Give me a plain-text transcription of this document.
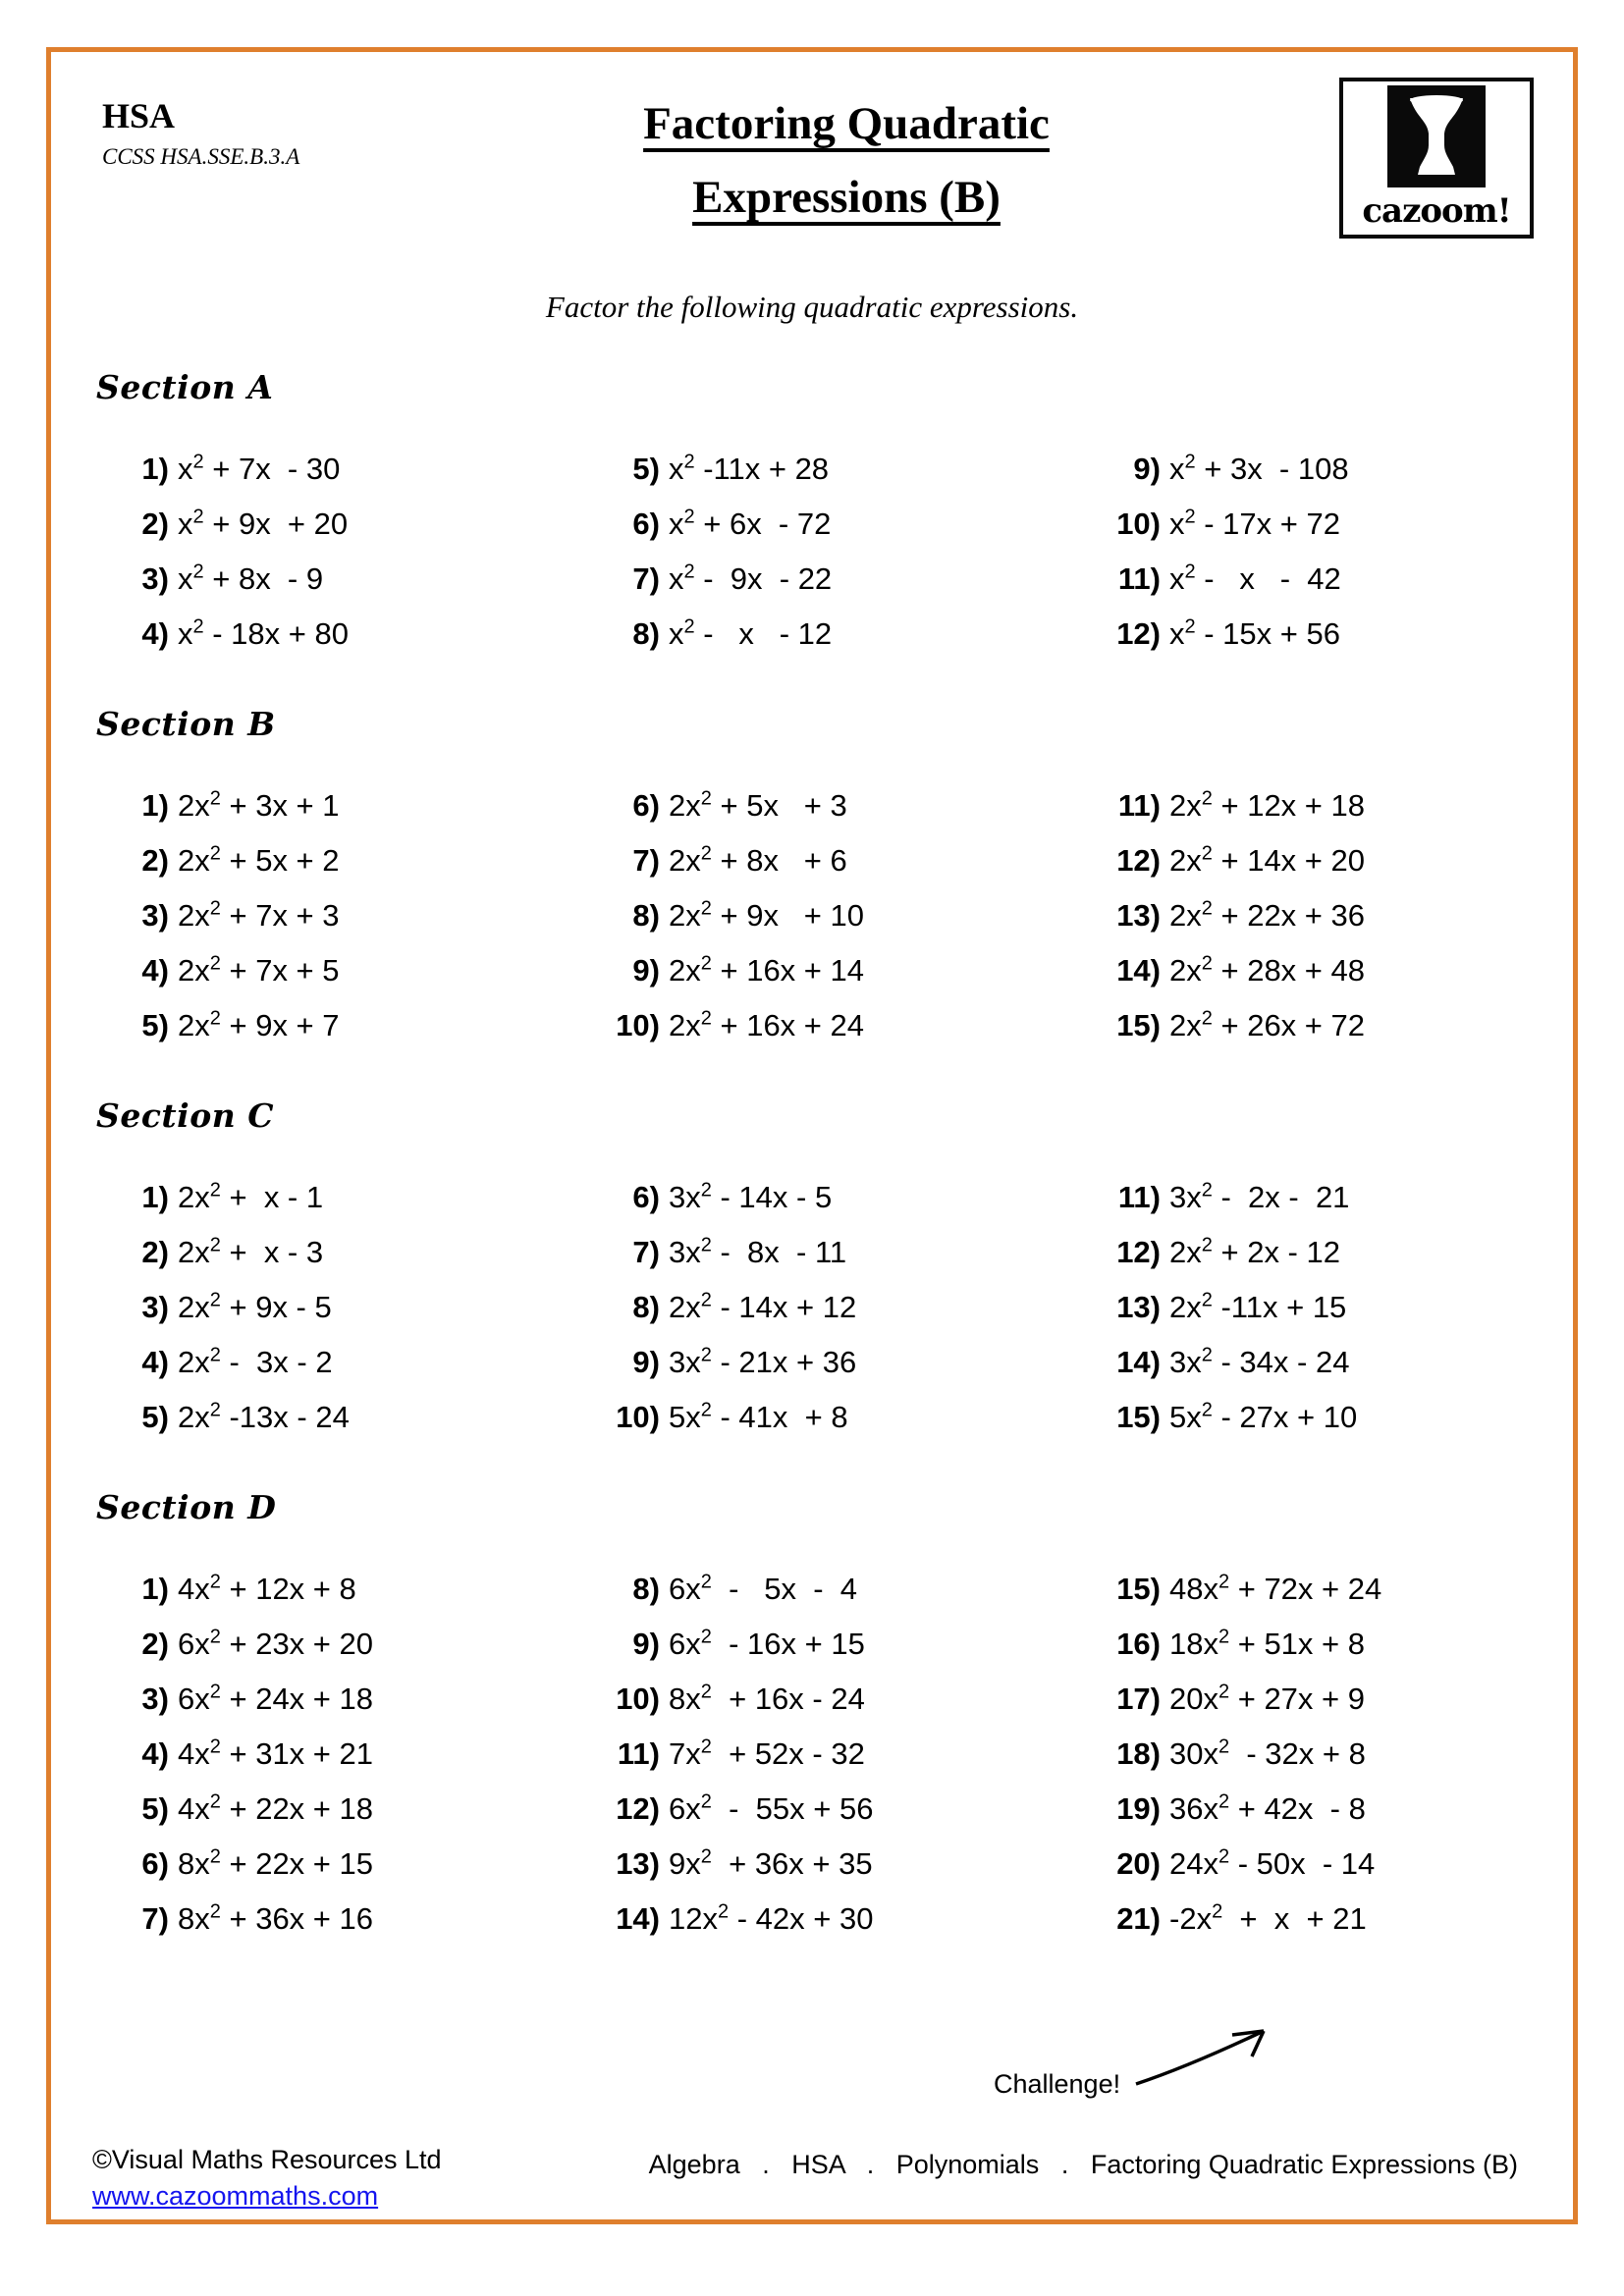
HSA
CCSS HSA.SSE.B.3.A
Factoring Quadratic
Expressions (B)	cazoom!
Factor the following quadratic expressions.
Section A
1) $x^2 + 7x - 30$
2) $x^2 + 9x + 20$
3) $x^2 + 8x - 9$
4) $x^2 - 18x + 80$
5) $x^2$ -11x + 28
6) $x^2 + 6x - 72$
7) $x^2 - 9x - 22$
8) $x^2$ -   x   - 12
9) $x^2 + 3x - 108$
10) $x^2 - 17x + 72$
11) $x^2$ -   x   -  42
12) $x^2 - 15x + 56$
Section B
1) $2x^2 + 3x + 1$
2) $2x^2 + 5x + 2$
3) $2x^2 + 7x + 3$
4) $2x^2 + 7x + 5$
5) $2x^2 + 9x + 7$
6) $2x^2 + 5x + 3$
7) $2x^2 + 8x + 6$
8) $2x^2 + 9x + 10$
9) $2x^2 + 16x + 14$
10) $2x^2 + 16x + 24$
11) $2x^2 + 12x + 18$
12) $2x^2 + 14x + 20$
13) $2x^2 + 22x + 36$
14) $2x^2 + 28x + 48$
15) $2x^2 + 26x + 72$
Section C
1) $2x^2 + x - 1$
2) $2x^2 + x - 3$
3) $2x^2 + 9x - 5$
4) $2x^2 - 3x - 2$
5) $2x^2$ -13x - 24
6) $3x^2 - 14x - 5$
7) $3x^2 - 8x - 11$
8) $2x^2 - 14x + 12$
9) $3x^2 - 21x + 36$
10) $5x^2 - 41x + 8$
11) $3x^2 - 2x - 21$
12) $2x^2 + 2x - 12$
13) $2x^2$ -11x + 15
14) $3x^2 - 34x - 24$
15) $5x^2 - 27x + 10$
Section D
1) $4x^2 + 12x + 8$
2) $6x^2 + 23x + 20$
3) $6x^2 + 24x + 18$
4) $4x^2 + 31x + 21$
5) $4x^2 + 22x + 18$
6) $8x^2 + 22x + 15$
7) $8x^2 + 36x + 16$
8) $6x^2 - 5x - 4$
9) $6x^2 - 16x + 15$
10) $8x^2 + 16x - 24$
11) $7x^2 + 52x - 32$
12) $6x^2 - 55x + 56$
13) $9x^2 + 36x + 35$
14) $12x^2 - 42x + 30$
15) $48x^2 + 72x + 24$
16) $18x^2 + 51x + 8$
17) $20x^2 + 27x + 9$
18) $30x^2 - 32x + 8$
19) $36x^2 + 42x - 8$
20) $24x^2 - 50x - 14$
21) $-2x^2 + x + 21$
Challenge!
©Visual Maths Resources Ltd
www.cazoommaths.com
Algebra   .   HSA   .   Polynomials   .   Factoring Quadratic Expressions (B)
